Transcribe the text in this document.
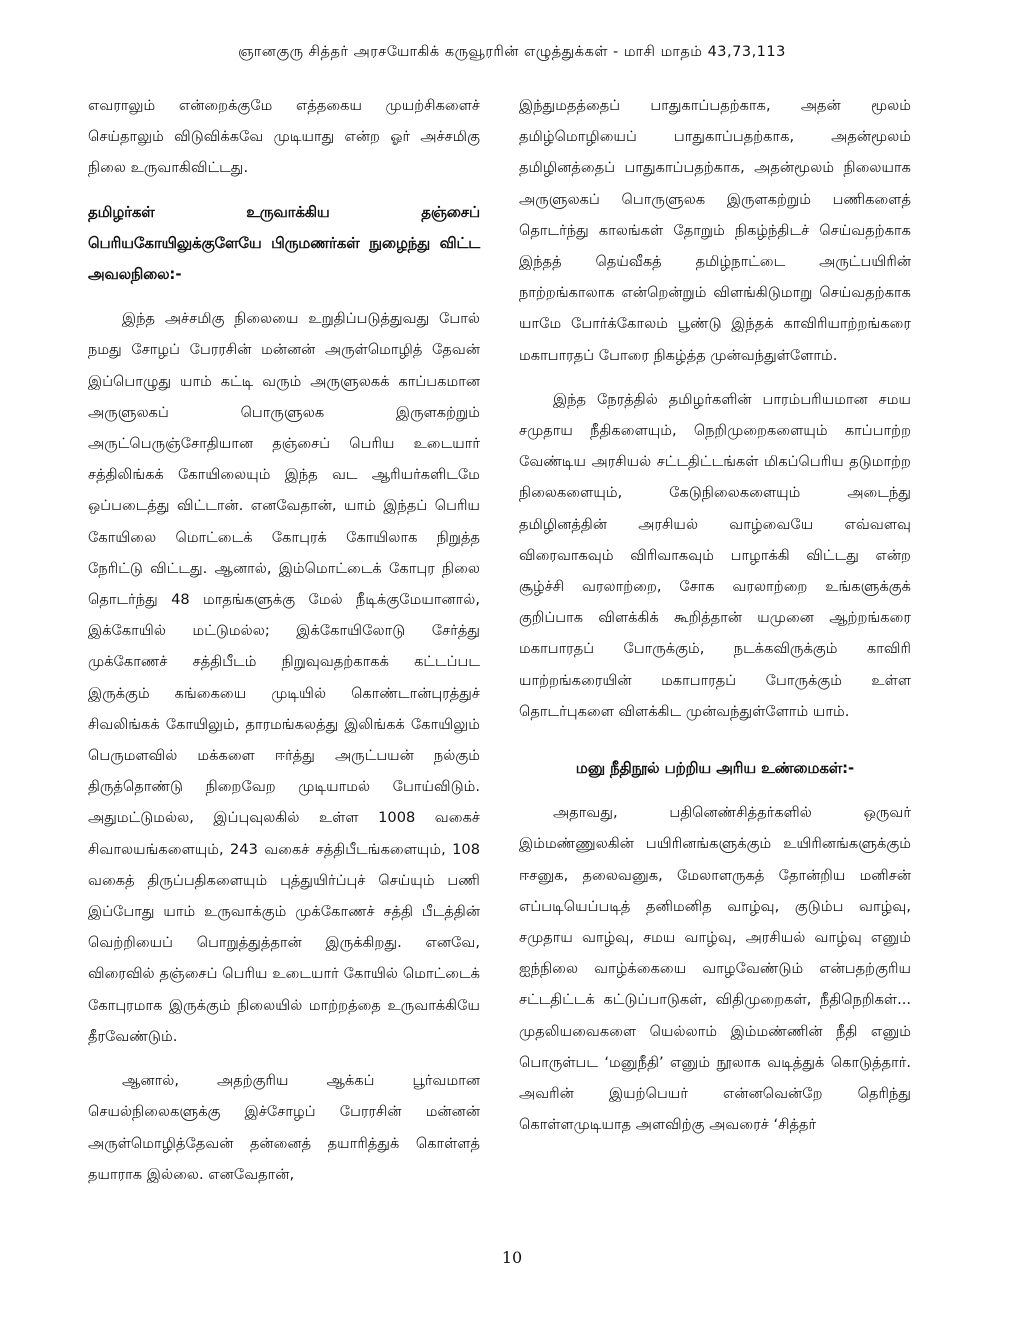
ஞானகுரு சித்தர் அரசயோகிக் கருவூரரின் எழுத்துக்கள் - மாசி மாதம் 43,73,113

எவராலும் என்றைக்குமே எத்தகைய முயற்சிகளைச் செய்தாலும் விடுவிக்கவே முடியாது என்ற ஓர் அச்சமிகு நிலை உருவாகிவிட்டது.

தமிழர்கள் உருவாக்கிய தஞ்சைப் பெரியகோயிலுக்குளேயே பிருமணர்கள் நுழைந்து விட்ட அவலநிலை:-

இந்த அச்சமிகு நிலையை உறுதிப்படுத்துவது போல் நமது சோழப் பேரரசின் மன்னன் அருள்மொழித் தேவன் இப்பொழுது யாம் கட்டி வரும் அருளுலகக் காப்பகமான அருளுலகப் பொருளுலக இருளகற்றும் அருட்பெருஞ்சோதியான தஞ்சைப் பெரிய உடையார் சத்திலிங்கக் கோயிலையும் இந்த வட ஆரியர்களிடமே ஒப்படைத்து விட்டான். எனவேதான், யாம் இந்தப் பெரிய கோயிலை மொட்டைக் கோபுரக் கோயிலாக நிறுத்த நேரிட்டு விட்டது. ஆனால், இம்மொட்டைக் கோபுர நிலை தொடர்ந்து 48 மாதங்களுக்கு மேல் நீடிக்குமேயானால், இக்கோயில் மட்டுமல்ல; இக்கோயிலோடு சேர்த்து முக்கோணச் சத்திபீடம் நிறுவுவதற்காகக் கட்டப்பட இருக்கும் கங்கையை முடியில் கொண்டான்புரத்துச் சிவலிங்கக் கோயிலும், தாரமங்கலத்து இலிங்கக் கோயிலும் பெருமளவில் மக்களை ஈர்த்து அருட்பயன் நல்கும் திருத்தொண்டு நிறைவேற முடியாமல் போய்விடும். அதுமட்டுமல்ல, இப்புவுலகில் உள்ள 1008 வகைச் சிவாலயங்களையும், 243 வகைச் சத்திபீடங்களையும், 108 வகைத் திருப்பதிகளையும் புத்துயிர்ப்புச் செய்யும் பணி இப்போது யாம் உருவாக்கும் முக்கோணச் சத்தி பீடத்தின் வெற்றியைப் பொறுத்துத்தான் இருக்கிறது. எனவே, விரைவில் தஞ்சைப் பெரிய உடையார் கோயில் மொட்டைக் கோபுரமாக இருக்கும் நிலையில் மாற்றத்தை உருவாக்கியே தீரவேண்டும்.

ஆனால், அதற்குரிய ஆக்கப் பூர்வமான செயல்நிலைகளுக்கு இச்சோழப் பேரரசின் மன்னன் அருள்மொழித்தேவன் தன்னைத் தயாரித்துக் கொள்ளத் தயாராக இல்லை. எனவேதான்,

இந்துமதத்தைப் பாதுகாப்பதற்காக, அதன் மூலம் தமிழ்மொழியைப் பாதுகாப்பதற்காக, அதன்மூலம் தமிழினத்தைப் பாதுகாப்பதற்காக, அதன்மூலம் நிலையாக அருளுலகப் பொருளுலக இருளகற்றும் பணிகளைத் தொடர்ந்து காலங்கள் தோறும் நிகழ்ந்திடச் செய்வதற்காக இந்தத் தெய்வீகத் தமிழ்நாட்டை அருட்பயிரின் நாற்றங்காலாக என்றென்றும் விளங்கிடுமாறு செய்வதற்காக யாமே போர்க்கோலம் பூண்டு இந்தக் காவிரியாற்றங்கரை மகாபாரதப் போரை நிகழ்த்த முன்வந்துள்ளோம்.

இந்த நேரத்தில் தமிழர்களின் பாரம்பரியமான சமய சமுதாய நீதிகளையும், நெறிமுறைகளையும் காப்பாற்ற வேண்டிய அரசியல் சட்டதிட்டங்கள் மிகப்பெரிய தடுமாற்ற நிலைகளையும், கேடுநிலைகளையும் அடைந்து தமிழினத்தின் அரசியல் வாழ்வையே எவ்வளவு விரைவாகவும் விரிவாகவும் பாழாக்கி விட்டது என்ற சூழ்ச்சி வரலாற்றை, சோக வரலாற்றை உங்களுக்குக் குறிப்பாக விளக்கிக் கூறித்தான் யமுனை ஆற்றங்கரை மகாபாரதப் போருக்கும், நடக்கவிருக்கும் காவிரி யாற்றங்கரையின் மகாபாரதப் போருக்கும் உள்ள தொடர்புகளை விளக்கிட முன்வந்துள்ளோம் யாம்.

மனு நீதிநூல் பற்றிய அரிய உண்மைகள்:-

அதாவது, பதினெண்சித்தர்களில் ஒருவர் இம்மண்ணுலகின் பயிரினங்களுக்கும் உயிரினங்களுக்கும் ஈசனுக, தலைவனுக, மேலாளருகத் தோன்றிய மனிசன் எப்படியெப்படித் தனிமனித வாழ்வு, குடும்ப வாழ்வு, சமுதாய வாழ்வு, சமய வாழ்வு, அரசியல் வாழ்வு எனும் ஐந்நிலை வாழ்க்கையை வாழவேண்டும் என்பதற்குரிய சட்டதிட்டக் கட்டுப்பாடுகள், விதிமுறைகள், நீதிநெறிகள்... முதலியவைகளை யெல்லாம் இம்மண்ணின் நீதி எனும் பொருள்பட ‘மனுநீதி’ எனும் நூலாக வடித்துக் கொடுத்தார். அவரின் இயற்பெயர் என்னவென்றே தெரிந்து கொள்ளமுடியாத அளவிற்கு அவரைச் ‘சித்தர்

10
